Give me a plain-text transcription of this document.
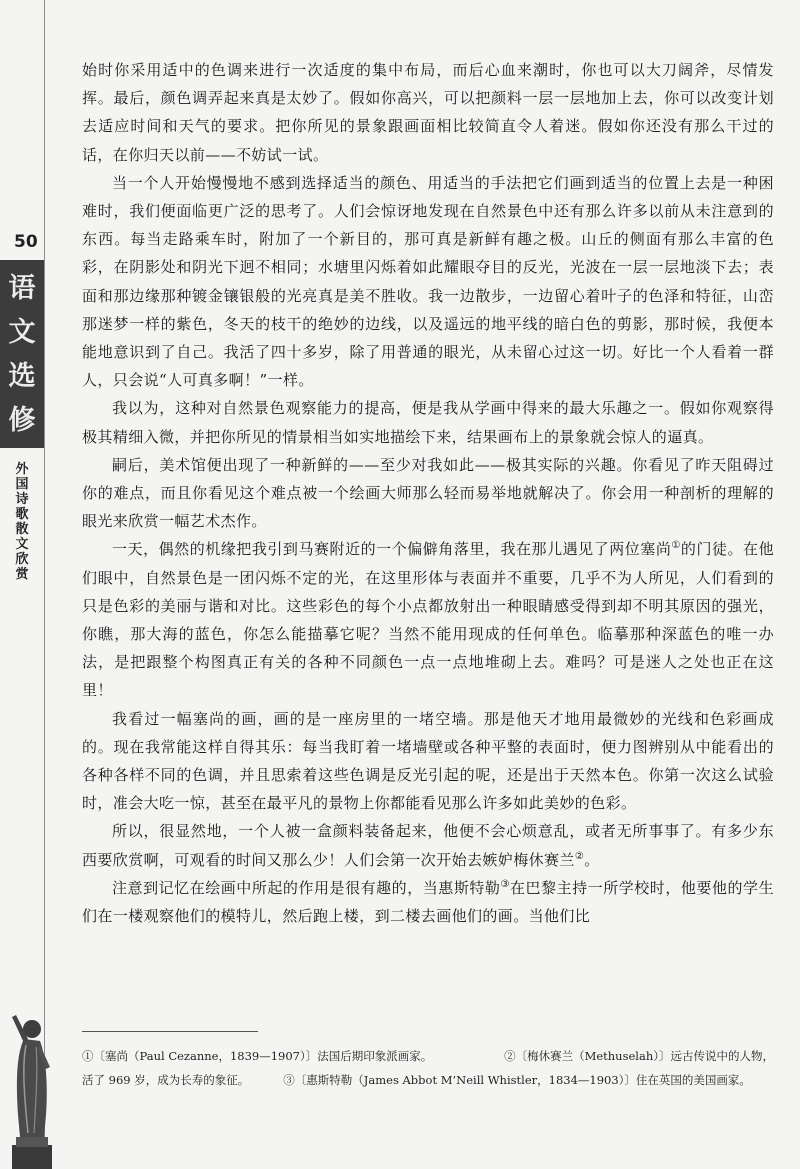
50
语
文
选
修
外
国
诗
歌
散
文
欣
赏

始时你采用适中的色调来进行一次适度的集中布局，而后心血来潮时，你也可以大刀阔斧，尽情发挥。最后，颜色调弄起来真是太妙了。假如你高兴，可以把颜料一层一层地加上去，你可以改变计划去适应时间和天气的要求。把你所见的景象跟画面相比较简直令人着迷。假如你还没有那么干过的话，在你归天以前——不妨试一试。

当一个人开始慢慢地不感到选择适当的颜色、用适当的手法把它们画到适当的位置上去是一种困难时，我们便面临更广泛的思考了。人们会惊讶地发现在自然景色中还有那么许多以前从未注意到的东西。每当走路乘车时，附加了一个新目的，那可真是新鲜有趣之极。山丘的侧面有那么丰富的色彩，在阴影处和阴光下迥不相同；水塘里闪烁着如此耀眼夺目的反光，光波在一层一层地淡下去；表面和那边缘那种镀金镶银般的光亮真是美不胜收。我一边散步，一边留心着叶子的色泽和特征，山峦那迷梦一样的紫色，冬天的枝干的绝妙的边线，以及遥远的地平线的暗白色的剪影，那时候，我便本能地意识到了自己。我活了四十多岁，除了用普通的眼光，从未留心过这一切。好比一个人看着一群人，只会说“人可真多啊！”一样。

我以为，这种对自然景色观察能力的提高，便是我从学画中得来的最大乐趣之一。假如你观察得极其精细入微，并把你所见的情景相当如实地描绘下来，结果画布上的景象就会惊人的逼真。

嗣后，美术馆便出现了一种新鲜的——至少对我如此——极其实际的兴趣。你看见了昨天阻碍过你的难点，而且你看见这个难点被一个绘画大师那么轻而易举地就解决了。你会用一种剖析的理解的眼光来欣赏一幅艺术杰作。

一天，偶然的机缘把我引到马赛附近的一个偏僻角落里，我在那儿遇见了两位塞尚①的门徒。在他们眼中，自然景色是一团闪烁不定的光，在这里形体与表面并不重要，几乎不为人所见，人们看到的只是色彩的美丽与谐和对比。这些彩色的每个小点都放射出一种眼睛感受得到却不明其原因的强光，你瞧，那大海的蓝色，你怎么能描摹它呢？当然不能用现成的任何单色。临摹那种深蓝色的唯一办法，是把跟整个构图真正有关的各种不同颜色一点一点地堆砌上去。难吗？可是迷人之处也正在这里！

我看过一幅塞尚的画，画的是一座房里的一堵空墙。那是他天才地用最微妙的光线和色彩画成的。现在我常能这样自得其乐：每当我盯着一堵墙壁或各种平整的表面时，便力图辨别从中能看出的各种各样不同的色调，并且思索着这些色调是反光引起的呢，还是出于天然本色。你第一次这么试验时，准会大吃一惊，甚至在最平凡的景物上你都能看见那么许多如此美妙的色彩。

所以，很显然地，一个人被一盒颜料装备起来，他便不会心烦意乱，或者无所事事了。有多少东西要欣赏啊，可观看的时间又那么少！人们会第一次开始去嫉妒梅休赛兰②。

注意到记忆在绘画中所起的作用是很有趣的，当惠斯特勒③在巴黎主持一所学校时，他要他的学生们在一楼观察他们的模特儿，然后跑上楼，到二楼去画他们的画。当他们比

①〔塞尚（Paul Cezanne，1839—1907）〕法国后期印象派画家。	②〔梅休赛兰（Methuselah）〕远古传说中的人物，
活了 969 岁，成为长寿的象征。	③〔惠斯特勒（James Abbot M’Neill Whistler，1834—1903）〕住在英国的美国画家。
